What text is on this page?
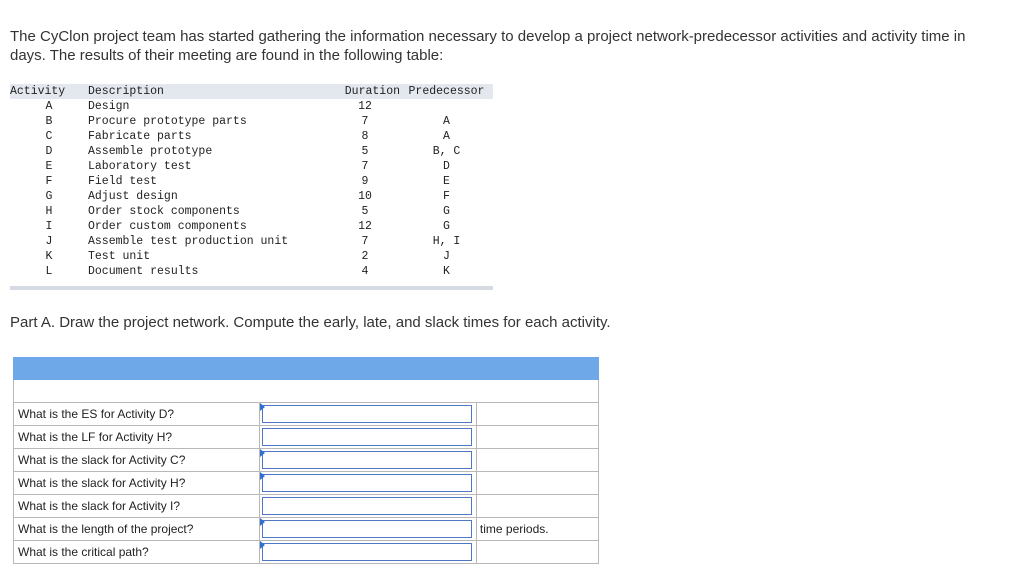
The CyClon project team has started gathering the information necessary to develop a project network-predecessor activities and activity time in days. The results of their meeting are found in the following table:

Activity	Description	Duration	Predecessor
A	Design	12	
B	Procure prototype parts	7	A
C	Fabricate parts	8	A
D	Assemble prototype	5	B, C
E	Laboratory test	7	D
F	Field test	9	E
G	Adjust design	10	F
H	Order stock components	5	G
I	Order custom components	12	G
J	Assemble test production unit	7	H, I
K	Test unit	2	J
L	Document results	4	K

Part A. Draw the project network. Compute the early, late, and slack times for each activity.

What is the ES for Activity D?	

What is the LF for Activity H?	

What is the slack for Activity C?	

What is the slack for Activity H?	

What is the slack for Activity I?	

What is the length of the project?		time periods.
What is the critical path?	
